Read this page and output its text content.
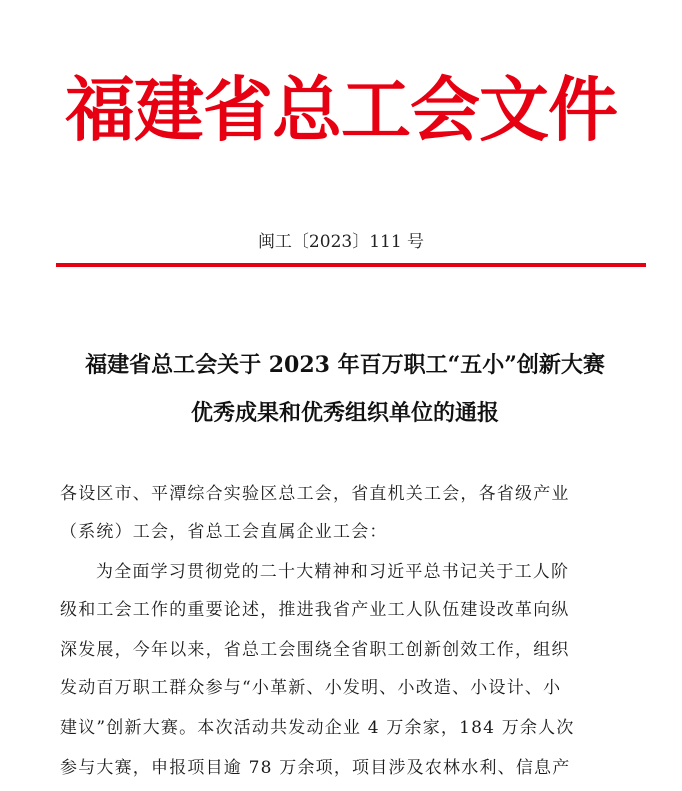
福建省总工会文件
闽工〔2023〕111 号
福建省总工会关于 2023 年百万职工“五小”创新大赛
优秀成果和优秀组织单位的通报
各设区市、平潭综合实验区总工会，省直机关工会，各省级产业
（系统）工会，省总工会直属企业工会：
为全面学习贯彻党的二十大精神和习近平总书记关于工人阶
级和工会工作的重要论述，推进我省产业工人队伍建设改革向纵
深发展，今年以来，省总工会围绕全省职工创新创效工作，组织
发动百万职工群众参与“小革新、小发明、小改造、小设计、小
建议”创新大赛。本次活动共发动企业 4 万余家，184 万余人次
参与大赛，申报项目逾 78 万余项，项目涉及农林水利、信息产
